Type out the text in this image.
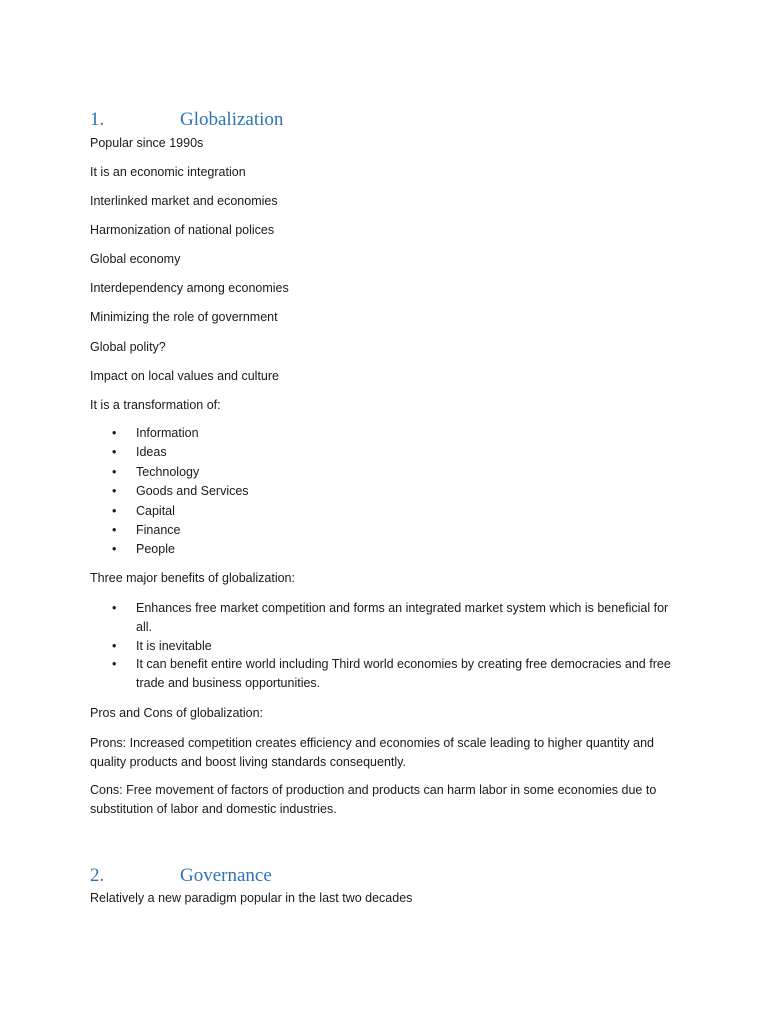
1.	Globalization

Popular since 1990s

It is an economic integration

Interlinked market and economies

Harmonization of national polices

Global economy

Interdependency among economies

Minimizing the role of government

Global polity?

Impact on local values and culture

It is a transformation of:

•	Information
•	Ideas
•	Technology
•	Goods and Services
•	Capital
•	Finance
•	People

Three major benefits of globalization:

•	Enhances free market competition and forms an integrated market system which is beneficial for all.
•	It is inevitable
•	It can benefit entire world including Third world economies by creating free democracies and free trade and business opportunities.

Pros and Cons of globalization:

Prons: Increased competition creates efficiency and economies of scale leading to higher quantity and quality products and boost living standards consequently.

Cons: Free movement of factors of production and products can harm labor in some economies due to substitution of labor and domestic industries.

2.	Governance

Relatively a new paradigm popular in the last two decades
